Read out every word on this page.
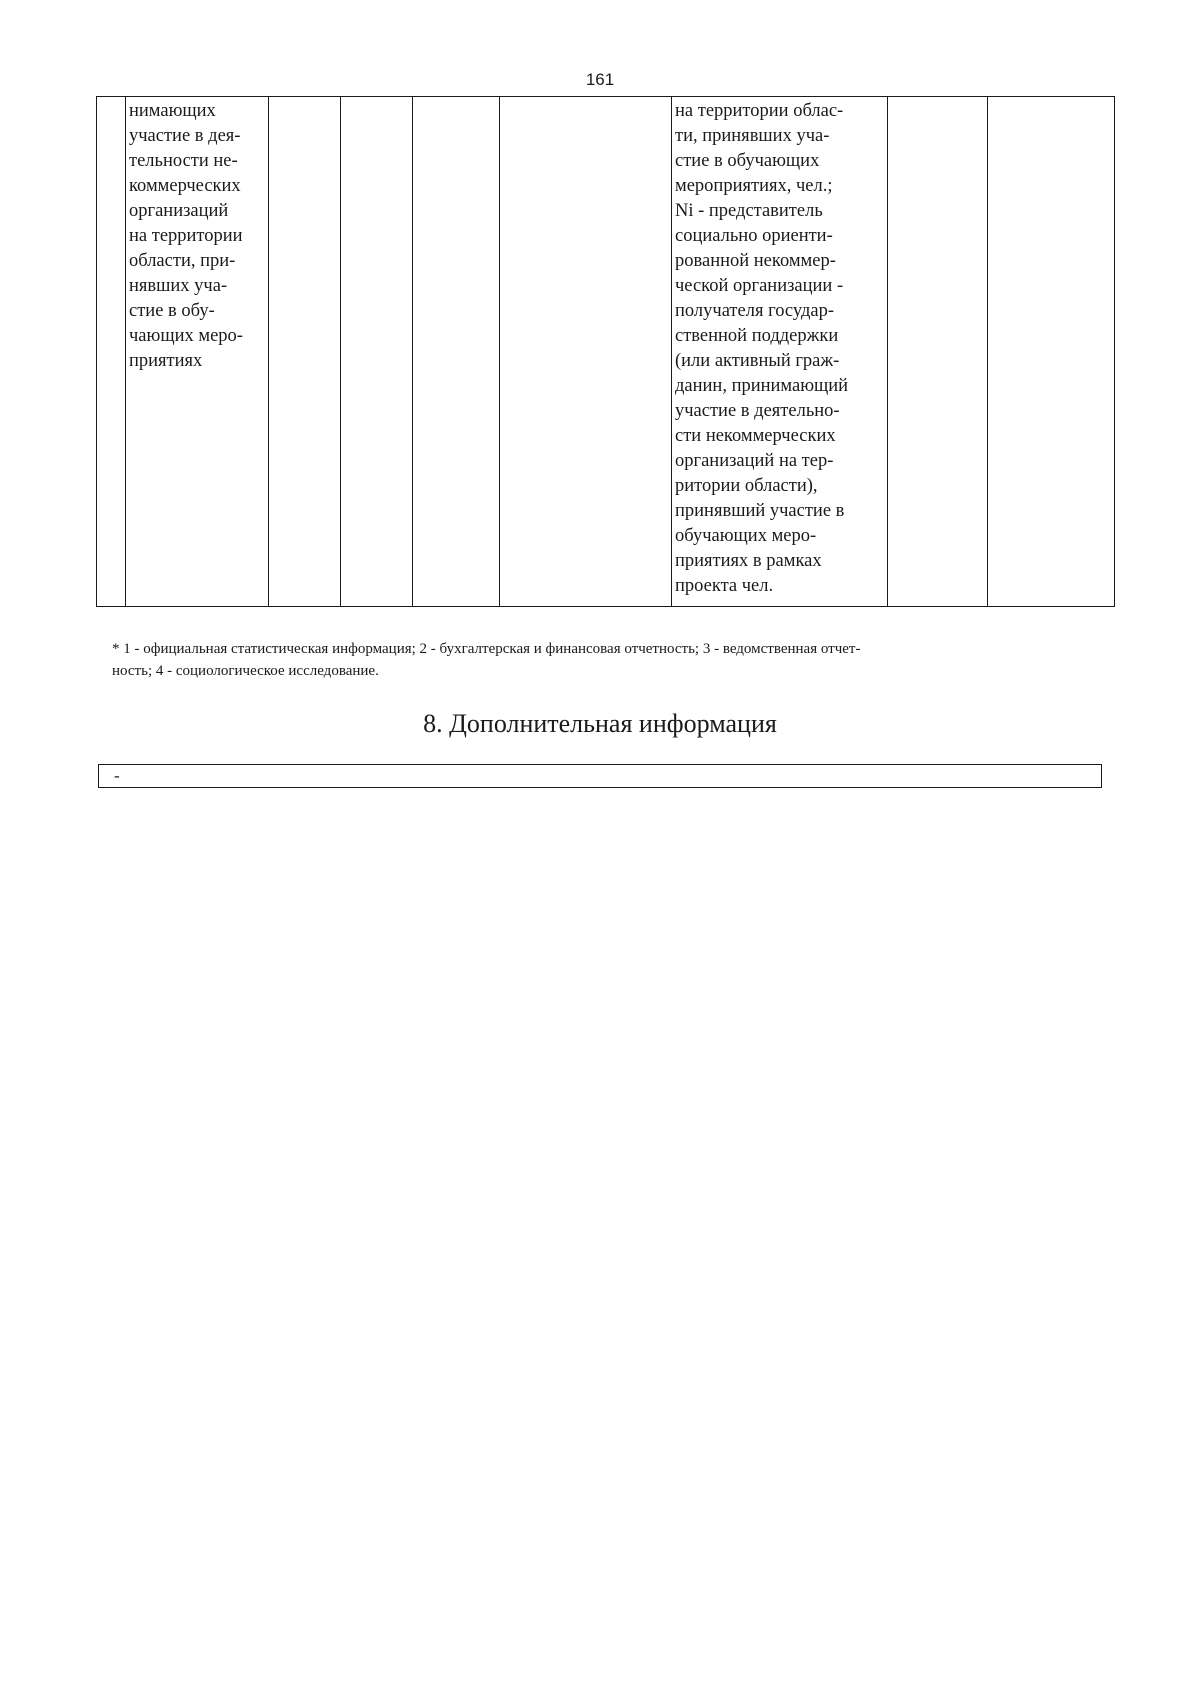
161

нимающих
участие в дея-
тельности не-
коммерческих
организаций
на территории
области, при-
нявших уча-
стие в обу-
чающих меро-
приятиях

на территории облас-
ти, принявших уча-
стие в обучающих
мероприятиях, чел.;
Ni - представитель
социально ориенти-
рованной некоммер-
ческой организации -
получателя государ-
ственной поддержки
(или активный граж-
данин, принимающий
участие в деятельно-
сти некоммерческих
организаций на тер-
ритории области),
принявший участие в
обучающих меро-
приятиях в рамках
проекта чел.

* 1 - официальная статистическая информация; 2 - бухгалтерская и финансовая отчетность; 3 - ведомственная отчет-
ность; 4 - социологическое исследование.
8. Дополнительная информация
-
